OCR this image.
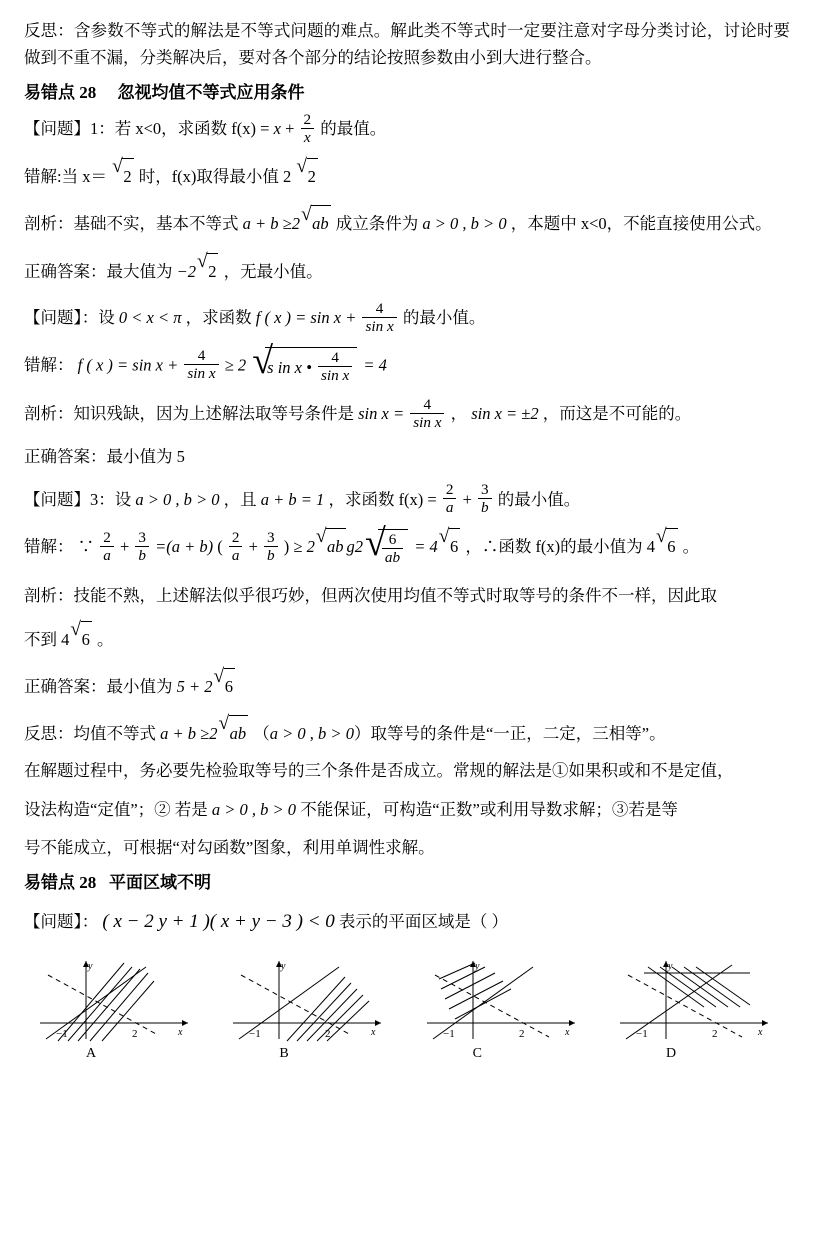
反思：含参数不等式的解法是不等式问题的难点。解此类不等式时一定要注意对字母分类讨论，讨论时要做到不重不漏，分类解决后，要对各个部分的结论按照参数由小到大进行整合。

易错点 28 忽视均值不等式应用条件

【问题】1：若 x<0，求函数 $f(x) = x + \frac{2}{x}$ 的最值。

错解:当 x＝ √ 2 时，f(x)取得最小值 2 √ 2

剖析：基础不实，基本不等式 a + b ≥2 √ ab 成立条件为 a > 0 , b > 0 ，本题中 x<0，不能直接使用公式。

正确答案：最大值为 −2 √ 2 ，无最小值。

【问题】：设 0 < x < π ，求函数 f ( x ) = $\sin x + \frac{4}{\text{sin x}}$ 的最小值。

错解： f ( x ) = $\sin x + \frac{4}{\text{sin x}} \ge 2$ √
s in x • $\frac{4}{\text{sin x}} = 4$

剖析：知识残缺，因为上述解法取等号条件是 $\sin x = \frac{4}{\text{sin x}}$ ， sin x = ±2 ，而这是不可能的。

正确答案：最小值为 5

【问题】3：设 a > 0 , b > 0 ，且 a + b = 1 ，求函数 $f(x) = \frac{2}{a} + \frac{3}{b}$ 的最小值。

错解： ∵ $\frac{2}{a} + \frac{3}{b} =(a + b)$ ( $\frac{2}{a} + \frac{3}{b}$ ) ≥ 2 √ ab g2 √
$\frac{6}{ab} = 4$ √ 6 ，∴函数 f(x)的最小值为 4 √ 6 。

剖析：技能不熟，上述解法似乎很巧妙，但两次使用均值不等式时取等号的条件不一样，因此取

不到 4 √ 6 。

正确答案：最小值为 5 + 2 √ 6

反思：均值不等式 a + b ≥2 √ ab （a > 0 , b > 0）取等号的条件是“一正，二定，三相等”。

在解题过程中，务必要先检验取等号的三个条件是否成立。常规的解法是①如果积或和不是定值，

设法构造“定值”；② 若是 a > 0 , b > 0 不能保证，可构造“正数”或利用导数求解；③若是等

号不能成立，可根据“对勾函数”图象，利用单调性求解。

易错点 28 平面区域不明

【问题】： ( x − 2 y + 1 )( x + y − 3 ) < 0 表示的平面区域是（ ）

y
x
−1	2
A
y
x
−1	2
B
y
x
−1	2
C
y
x
−1	2
D
